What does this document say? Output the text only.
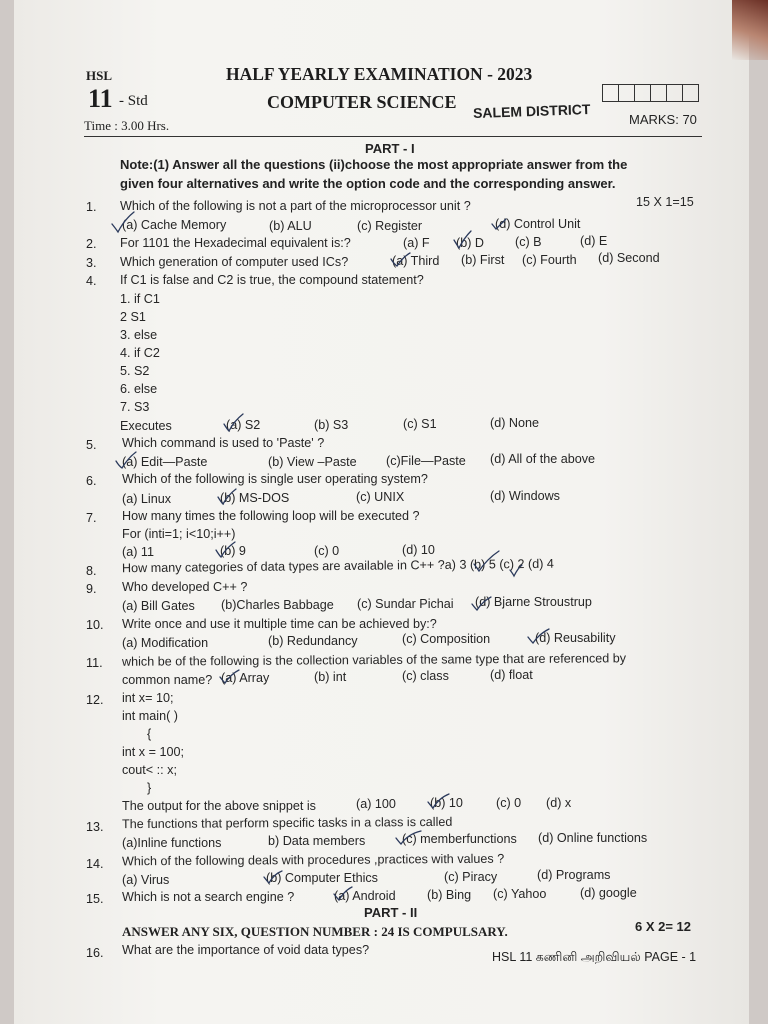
HSL
11 - Std
Time : 3.00 Hrs.
HALF YEARLY EXAMINATION - 2023
COMPUTER SCIENCE SALEM DISTRICT	MARKS: 70
PART - I
Note:(1) Answer all the questions (ii)choose the most appropriate answer from the
given four alternatives and write the option code and the corresponding answer.
1. Which of the following is not a part of the microprocessor unit ?	15 X 1=15
(a) Cache Memory	(b) ALU	(c) Register	(d) Control Unit
2. For 1101 the Hexadecimal equivalent is:?	(a) F (b) D (c) B	(d) E
3. Which generation of computer used ICs?	(a) Third (b) First (c) Fourth (d) Second
4. If C1 is false and C2 is true, the compound statement?
1. if C1
2 S1
3. else
4. if C2
5. S2
6. else
7. S3
Executes	(a) S2	(b) S3	(c) S1	(d) None
5. Which command is used to 'Paste' ?
(a) Edit—Paste	(b) View –Paste (c)File—Paste (d) All of the above
6. Which of the following is single user operating system?
(a) Linux	(b) MS-DOS	(c) UNIX	(d) Windows
7. How many times the following loop will be executed ?
For (inti=1; i<10;i++)
(a) 11	(b) 9	(c) 0	(d) 10
8. How many categories of data types are available in C++ ?a) 3 (b) 5 (c) 2 (d) 4
9. Who developed C++ ?
(a) Bill Gates (b)Charles Babbage (c) Sundar Pichai (d) Bjarne Stroustrup
10. Write once and use it multiple time can be achieved by:?
(a) Modification	(b) Redundancy	(c) Composition	(d) Reusability
11. which be of the following is the collection variables of the same type that are referenced by
common name? (a) Array	(b) int	(c) class	(d) float
12. int x= 10;
int main( )
{
int x = 100;
cout< :: x;
}
The output for the above snippet is	(a) 100	(b) 10	(c) 0 (d) x
13. The functions that perform specific tasks in a class is called
(a)Inline functions	b) Data members	(c) memberfunctions (d) Online functions
14. Which of the following deals with procedures ,practices with values ?
(a) Virus	(b) Computer Ethics	(c) Piracy	(d) Programs
15. Which is not a search engine ?	(a) Android (b) Bing (c) Yahoo	(d) google
PART - II
ANSWER ANY SIX, QUESTION NUMBER : 24 IS COMPULSARY.	6 X 2= 12
16. What are the importance of void data types?	HSL 11 கணினி அறிவியல் PAGE - 1
